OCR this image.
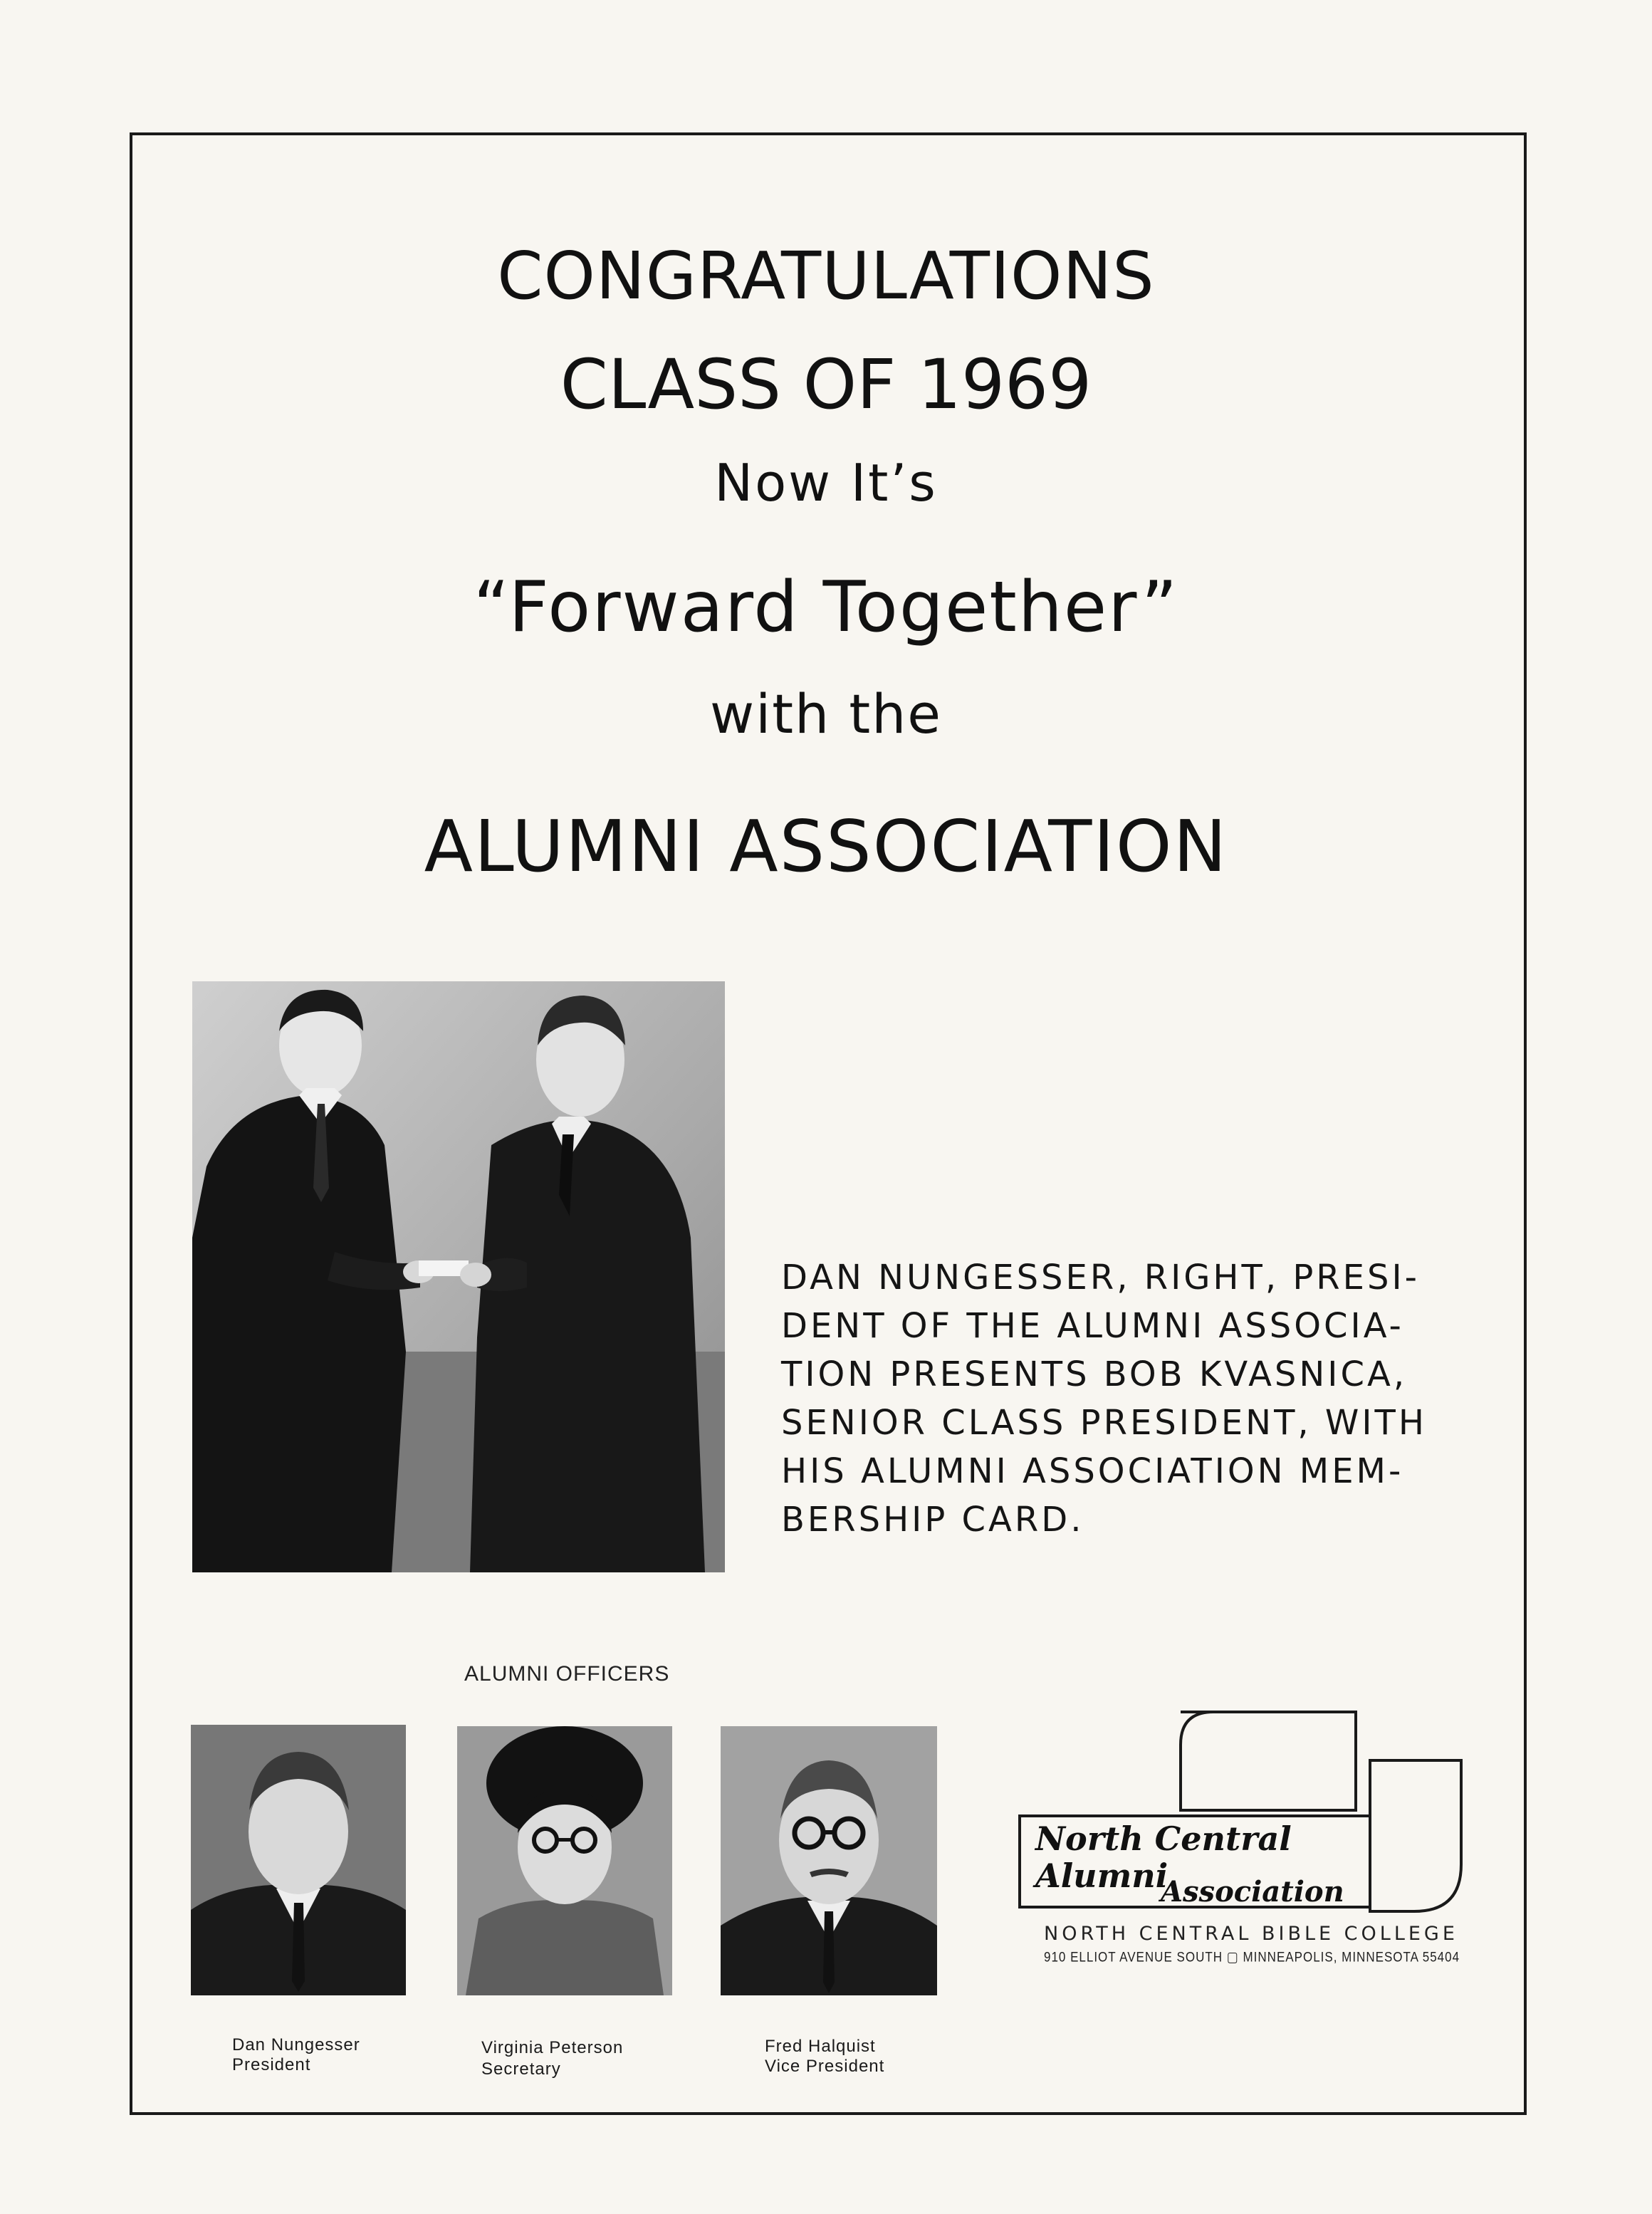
CONGRATULATIONS
CLASS OF 1969
Now It’s
“Forward Together”
with the
ALUMNI ASSOCIATION

DAN NUNGESSER, RIGHT, PRESI-
DENT OF THE ALUMNI ASSOCIA-
TION PRESENTS BOB KVASNICA,
SENIOR CLASS PRESIDENT, WITH
HIS ALUMNI ASSOCIATION MEM-
BERSHIP CARD.

ALUMNI OFFICERS
Dan Nungesser
President
Virginia Peterson
Secretary
Fred Halquist
Vice President
North Central
Alumni
Association
NORTH CENTRAL BIBLE COLLEGE
910 ELLIOT AVENUE SOUTH ▢ MINNEAPOLIS, MINNESOTA 55404
